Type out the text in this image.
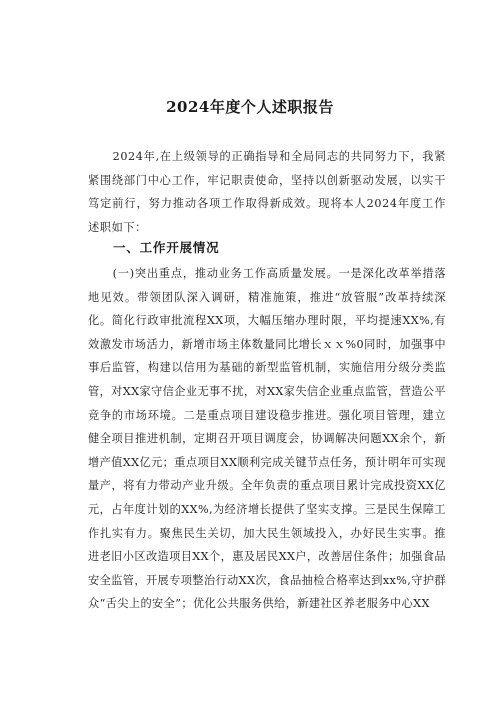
2024年度个人述职报告

2024年,在上级领导的正确指导和全局同志的共同努力下，我紧紧围绕部门中心工作，牢记职责使命，坚持以创新驱动发展，以实干笃定前行，努力推动各项工作取得新成效。现将本人2024年度工作述职如下：

一、工作开展情况

(一)突出重点，推动业务工作高质量发展。一是深化改革举措落地见效。带领团队深入调研，精准施策，推进“放管服”改革持续深化。简化行政审批流程XX项，大幅压缩办理时限，平均提速XX%,有效激发市场活力，新增市场主体数量同比增长ｘｘ%0同时，加强事中事后监管，构建以信用为基础的新型监管机制，实施信用分级分类监管，对XX家守信企业无事不扰，对XX家失信企业重点监管，营造公平竞争的市场环境。二是重点项目建设稳步推进。强化项目管理，建立健全项目推进机制，定期召开项目调度会，协调解决问题XX余个，新增产值XX亿元；重点项目XX顺利完成关键节点任务，预计明年可实现量产，将有力带动产业升级。全年负责的重点项目累计完成投资XX亿元，占年度计划的XX%,为经济增长提供了坚实支撑。三是民生保障工作扎实有力。聚焦民生关切，加大民生领域投入，办好民生实事。推进老旧小区改造项目XX个，惠及居民XX户，改善居住条件；加强食品安全监管，开展专项整治行动XX次，食品抽检合格率达到xx%,守护群众“舌尖上的安全”；优化公共服务供给，新建社区养老服务中心XX
